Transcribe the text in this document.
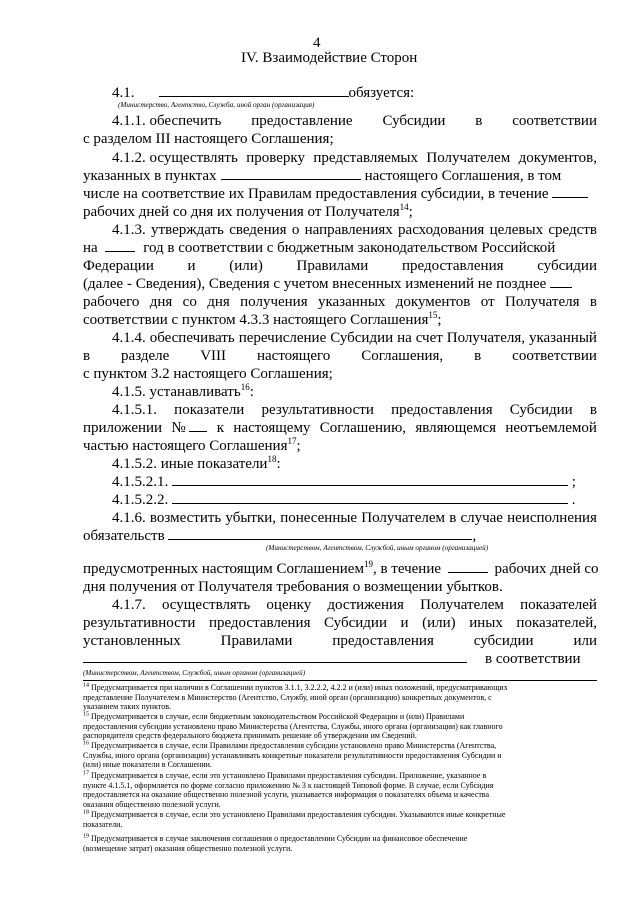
4
IV. Взаимодействие Сторон
4.1.	обязуется:
(Министерство, Агентство, Служба, иной орган (организация)
4.1.1. обеспечить предоставление Субсидии в соответствии
с разделом III настоящего Соглашения;
4.1.2. осуществлять проверку представляемых Получателем документов,
указанных в пунктах	настоящего Соглашения, в том
числе на соответствие их Правилам предоставления субсидии, в течение
рабочих дней со дня их получения от Получателя$^{14}$;
4.1.3. утверждать сведения о направлениях расходования целевых средств
на	год в соответствии с бюджетным законодательством Российской
Федерации и (или) Правилами предоставления субсидии
(далее - Сведения), Сведения с учетом внесенных изменений не позднее
рабочего дня со дня получения указанных документов от Получателя в
соответствии с пунктом 4.3.3 настоящего Соглашения$^{15}$;
4.1.4. обеспечивать перечисление Субсидии на счет Получателя, указанный
в разделе VIII настоящего Соглашения, в соответствии
с пунктом 3.2 настоящего Соглашения;
4.1.5. устанавливать$^{16}$:
4.1.5.1. показатели результативности предоставления Субсидии в
приложении №	к настоящему Соглашению, являющемся неотъемлемой
частью настоящего Соглашения$^{17}$;
4.1.5.2. иные показатели$^{18}$:
4.1.5.2.1.	;
4.1.5.2.2.	.
4.1.6. возместить убытки, понесенные Получателем в случае неисполнения
обязательств	,
(Министерством, Агентством, Службой, иным органом (организацией)
предусмотренных настоящим Соглашением$^{19}$, в течение	рабочих дней со
дня получения от Получателя требования о возмещении убытков.
4.1.7. осуществлять оценку достижения Получателем показателей
результативности предоставления Субсидии и (или) иных показателей,
установленных	Правилами	предоставления	субсидии	или
в соответствии
(Министерством, Агентством, Службой, иным органом (организацией)
$^{14}$ Предусматривается при наличии в Соглашении пунктов 3.1.1, 3.2.2.2, 4.2.2 и (или) иных положений, предусматривающих
представление Получателем в Министерство (Агентство, Службу, иной орган (организацию) конкретных документов, с
указанием таких пунктов.
$^{15}$ Предусматривается в случае, если бюджетным законодательством Российской Федерации и (или) Правилами
предоставления субсидии установлено право Министерства (Агентства, Службы, иного органа (организации) как главного
распорядителя средств федерального бюджета принимать решение об утверждении им Сведений.
$^{16}$ Предусматривается в случае, если Правилами предоставления субсидии установлено право Министерства (Агентства,
Службы, иного органа (организации) устанавливать конкретные показатели результативности предоставления Субсидии и
(или) иные показатели в Соглашении.
$^{17}$ Предусматривается в случае, если это установлено Правилами предоставления субсидии. Приложение, указанное в
пункте 4.1.5.1, оформляется по форме согласно приложению № 3 к настоящей Типовой форме. В случае, если Субсидия
предоставляется на оказание общественно полезной услуги, указывается информация о показателях объема и качества
оказания общественно полезной услуги.
$^{18}$ Предусматривается в случае, если это установлено Правилами предоставления субсидии. Указываются иные конкретные
показатели.
$^{19}$ Предусматривается в случае заключения соглашения о предоставлении Субсидии на финансовое обеспечение
(возмещение затрат) оказания общественно полезной услуги.
